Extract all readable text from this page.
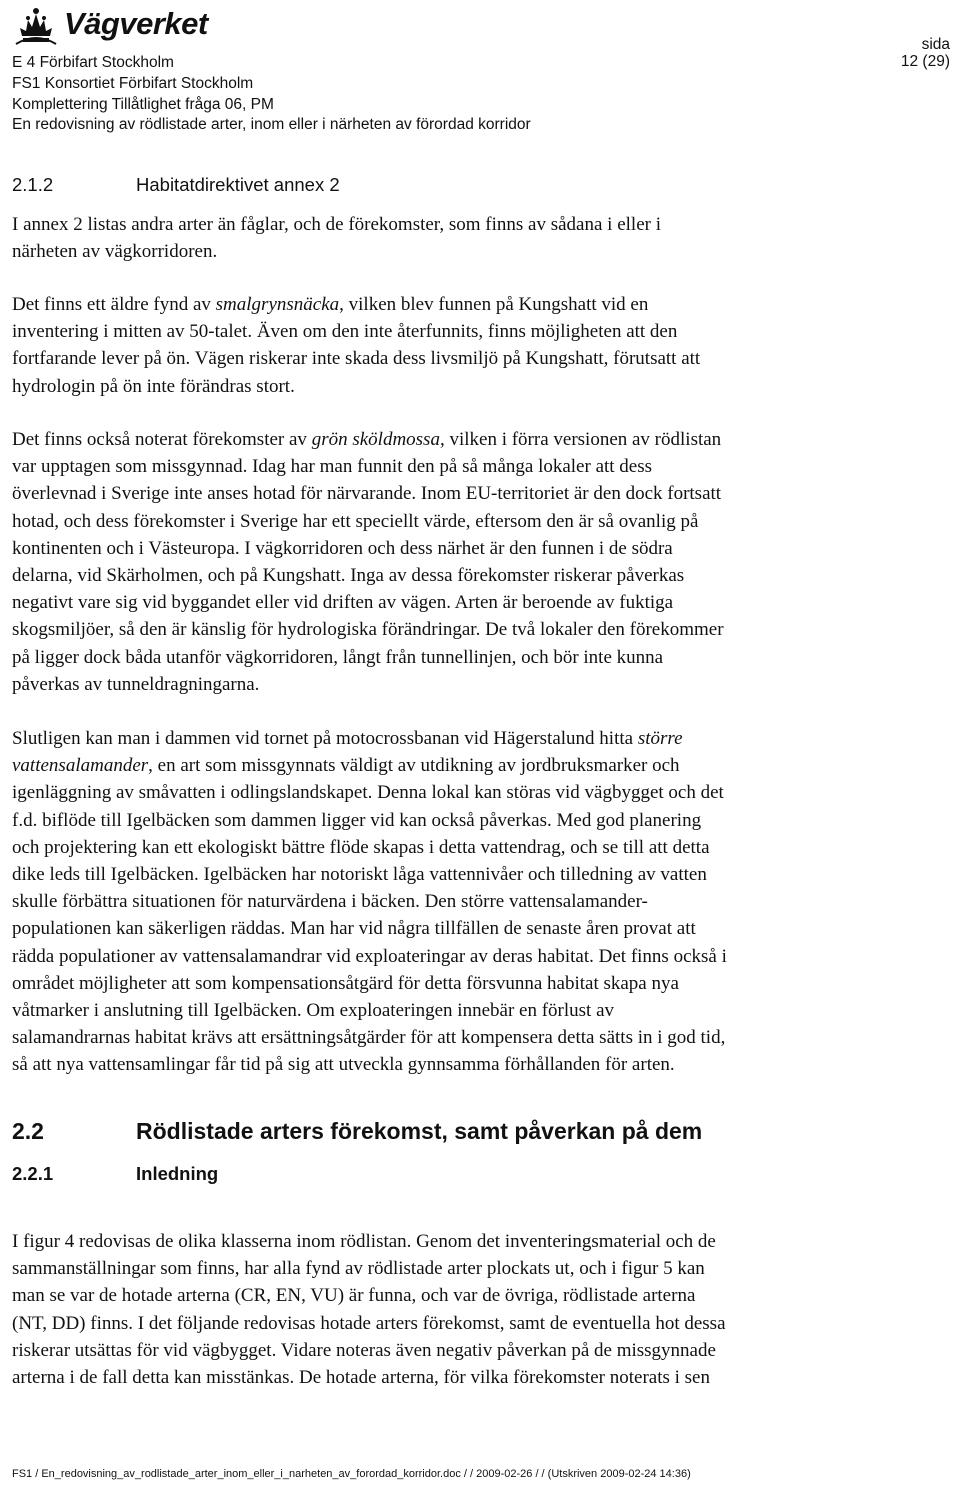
Vägverket
E 4 Förbifart Stockholm
FS1 Konsortiet Förbifart Stockholm
Komplettering Tillåtlighet fråga 06, PM
En redovisning av rödlistade arter, inom eller i närheten av förordad korridor
sida
12 (29)
2.1.2	Habitatdirektivet annex 2
I annex 2 listas andra arter än fåglar, och de förekomster, som finns av sådana i eller i
närheten av vägkorridoren.
Det finns ett äldre fynd av smalgrynsnäcka, vilken blev funnen på Kungshatt vid en
inventering i mitten av 50-talet. Även om den inte återfunnits, finns möjligheten att den
fortfarande lever på ön. Vägen riskerar inte skada dess livsmiljö på Kungshatt, förutsatt att
hydrologin på ön inte förändras stort.
Det finns också noterat förekomster av grön sköldmossa, vilken i förra versionen av rödlistan
var upptagen som missgynnad. Idag har man funnit den på så många lokaler att dess
överlevnad i Sverige inte anses hotad för närvarande. Inom EU-territoriet är den dock fortsatt
hotad, och dess förekomster i Sverige har ett speciellt värde, eftersom den är så ovanlig på
kontinenten och i Västeuropa. I vägkorridoren och dess närhet är den funnen i de södra
delarna, vid Skärholmen, och på Kungshatt. Inga av dessa förekomster riskerar påverkas
negativt vare sig vid byggandet eller vid driften av vägen. Arten är beroende av fuktiga
skogsmiljöer, så den är känslig för hydrologiska förändringar. De två lokaler den förekommer
på ligger dock båda utanför vägkorridoren, långt från tunnellinjen, och bör inte kunna
påverkas av tunneldragningarna.
Slutligen kan man i dammen vid tornet på motocrossbanan vid Hägerstalund hitta större
vattensalamander, en art som missgynnats väldigt av utdikning av jordbruksmarker och
igenläggning av småvatten i odlingslandskapet. Denna lokal kan störas vid vägbygget och det
f.d. biflöde till Igelbäcken som dammen ligger vid kan också påverkas. Med god planering
och projektering kan ett ekologiskt bättre flöde skapas i detta vattendrag, och se till att detta
dike leds till Igelbäcken. Igelbäcken har notoriskt låga vattennivåer och tilledning av vatten
skulle förbättra situationen för naturvärdena i bäcken. Den större vattensalamander-
populationen kan säkerligen räddas. Man har vid några tillfällen de senaste åren provat att
rädda populationer av vattensalamandrar vid exploateringar av deras habitat. Det finns också i
området möjligheter att som kompensationsåtgärd för detta försvunna habitat skapa nya
våtmarker i anslutning till Igelbäcken. Om exploateringen innebär en förlust av
salamandrarnas habitat krävs att ersättningsåtgärder för att kompensera detta sätts in i god tid,
så att nya vattensamlingar får tid på sig att utveckla gynnsamma förhållanden för arten.
2.2	Rödlistade arters förekomst, samt påverkan på dem
2.2.1	Inledning
I figur 4 redovisas de olika klasserna inom rödlistan. Genom det inventeringsmaterial och de
sammanställningar som finns, har alla fynd av rödlistade arter plockats ut, och i figur 5 kan
man se var de hotade arterna (CR, EN, VU) är funna, och var de övriga, rödlistade arterna
(NT, DD) finns. I det följande redovisas hotade arters förekomst, samt de eventuella hot dessa
riskerar utsättas för vid vägbygget. Vidare noteras även negativ påverkan på de missgynnade
arterna i de fall detta kan misstänkas. De hotade arterna, för vilka förekomster noterats i sen
FS1 / En_redovisning_av_rodlistade_arter_inom_eller_i_narheten_av_forordad_korridor.doc / / 2009-02-26 / / (Utskriven 2009-02-24 14:36)
